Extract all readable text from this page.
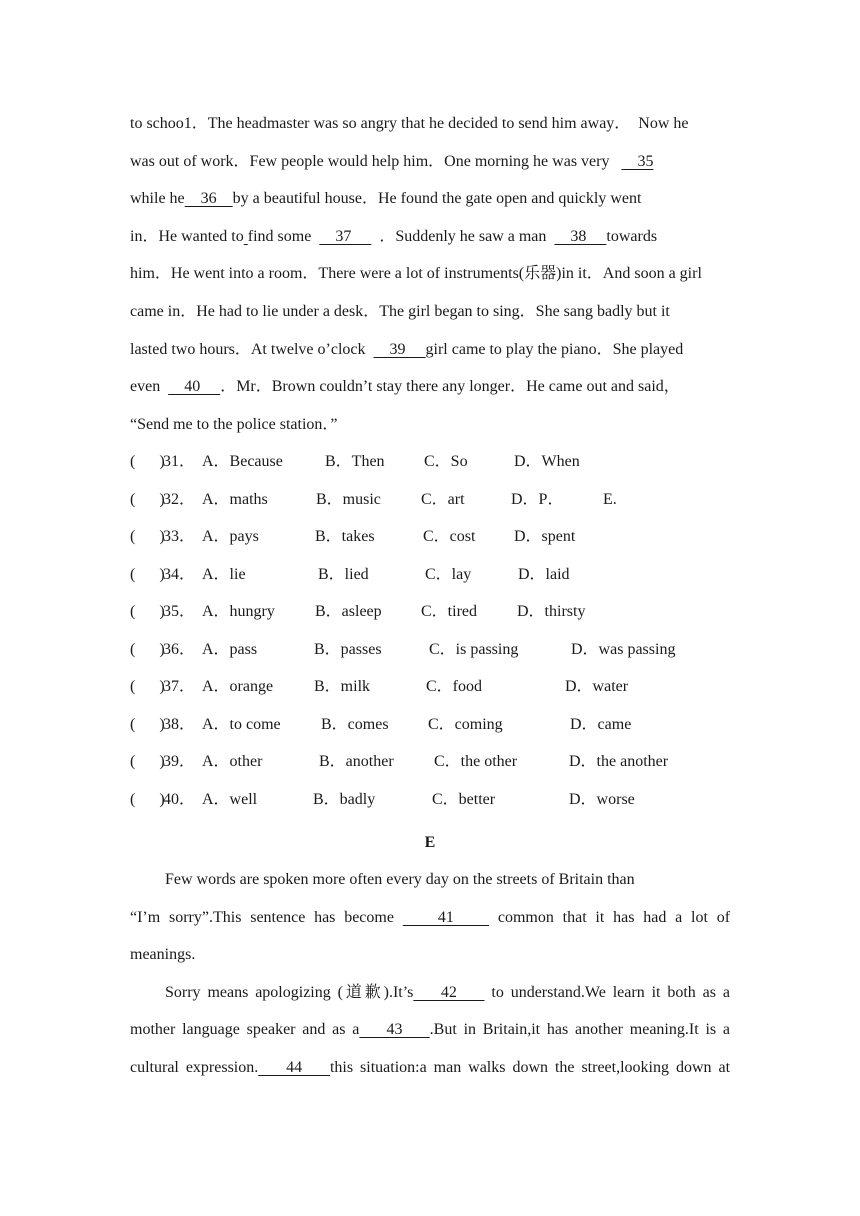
to schoo1．The headmaster was so angry that he decided to send him away．  Now he
was out of work．Few people would help him．One morning he was very       35
while he    36    by a beautiful house．He found the gate open and quickly went
in．He wanted to find some      37       ．Suddenly he saw a man      38     towards
him．He went into a room．There were a lot of instruments(乐器)in it．And soon a girl
came in．He had to lie under a desk．The girl began to sing．She sang badly but it
lasted two hours．At twelve o’clock      39     girl came to play the piano．She played
even      40     ．Mr．Brown couldn’t stay there any longer．He came out and said，
“Send me to the police station．”
(      )
31． A．Because	B．Then C．So	D．When
(      )
32． A．maths	B．music	C．art	D．P． E.
(      )
33． A．pays	B．takes	C．cost D．spent
(      )
34． A．lie	B．lied	C．lay	D．laid
(      )
35． A．hungry	B．asleep C．tired	D．thirsty
(      )
36． A．pass	B．passes	C．is passing	D．was passing
(      )
37． A．orange	B．milk	C．food	D．water
(      )
38． A．to come	B．comes C．coming	D．came
(      )
39． A．other	B．another	C．the other	D．the another
(      )
40． A．well	B．badly	C．better	D．worse
E
Few words are spoken more often every day on the streets of Britain than
“I’m sorry”.This sentence has become     41     common that it has had a lot of
meanings.
Sorry means apologizing (道歉).It’s    42     to understand.We learn it both as a
mother language speaker and as a    43    .But in Britain,it has another meaning.It is a
cultural expression.    44    this situation:a man walks down the street,looking down at
